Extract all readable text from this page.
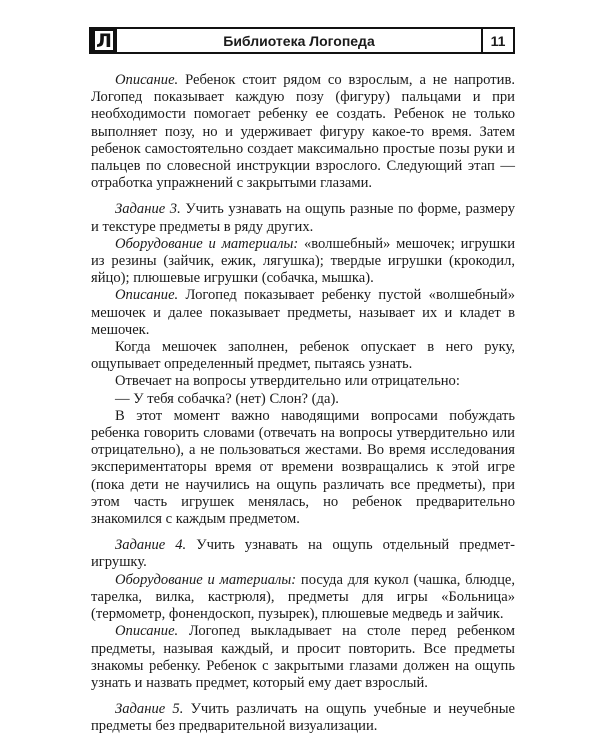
Л	Библиотека Логопеда	11

Описание. Ребенок стоит рядом со взрослым, а не напротив. Логопед показывает каждую позу (фигуру) пальцами и при необходимости помогает ребенку ее создать. Ребенок не только выполняет позу, но и удерживает фигуру какое-то время. Затем ребенок самостоятельно создает максимально простые позы руки и пальцев по словесной инструкции взрослого. Следующий этап — отработка упражнений с закрытыми глазами.

Задание 3. Учить узнавать на ощупь разные по форме, размеру и текстуре предметы в ряду других.

Оборудование и материалы: «волшебный» мешочек; игрушки из резины (зайчик, ежик, лягушка); твердые игрушки (крокодил, яйцо); плюшевые игрушки (собачка, мышка).

Описание. Логопед показывает ребенку пустой «волшебный» мешочек и далее показывает предметы, называет их и кладет в мешочек.

Когда мешочек заполнен, ребенок опускает в него руку, ощупывает определенный предмет, пытаясь узнать.

Отвечает на вопросы утвердительно или отрицательно:

— У тебя собачка? (нет) Слон? (да).

В этот момент важно наводящими вопросами побуждать ребенка говорить словами (отвечать на вопросы утвердительно или отрицательно), а не пользоваться жестами. Во время исследования экспериментаторы время от времени возвращались к этой игре (пока дети не научились на ощупь различать все предметы), при этом часть игрушек менялась, но ребенок предварительно знакомился с каждым предметом.

Задание 4. Учить узнавать на ощупь отдельный предмет-игрушку.

Оборудование и материалы: посуда для кукол (чашка, блюдце, тарелка, вилка, кастрюля), предметы для игры «Больница» (термометр, фонендоскоп, пузырек), плюшевые медведь и зайчик.

Описание. Логопед выкладывает на столе перед ребенком предметы, называя каждый, и просит повторить. Все предметы знакомы ребенку. Ребенок с закрытыми глазами должен на ощупь узнать и назвать предмет, который ему дает взрослый.

Задание 5. Учить различать на ощупь учебные и неучебные предметы без предварительной визуализации.
